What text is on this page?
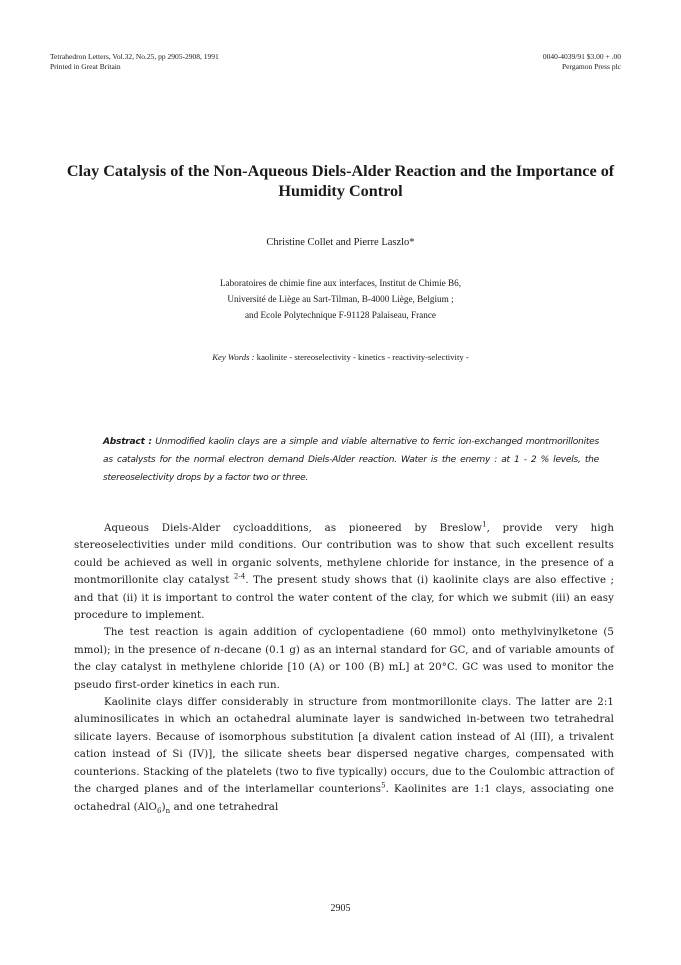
Tetrahedron Letters, Vol.32, No.25, pp 2905-2908, 1991
Printed in Great Britain
0040-4039/91 $3.00 + .00
Pergamon Press plc
Clay Catalysis of the Non-Aqueous Diels-Alder Reaction and the Importance of Humidity Control
Christine Collet and Pierre Laszlo*
Laboratoires de chimie fine aux interfaces, Institut de Chimie B6,
Université de Liège au Sart-Tilman, B-4000 Liège, Belgium ;
and Ecole Polytechnique F-91128 Palaiseau, France
Key Words : kaolinite - stereoselectivity - kinetics - reactivity-selectivity -
Abstract : Unmodified kaolin clays are a simple and viable alternative to ferric ion-exchanged montmorillonites as catalysts for the normal electron demand Diels-Alder reaction. Water is the enemy : at 1 - 2 % levels, the stereoselectivity drops by a factor two or three.

Aqueous Diels-Alder cycloadditions, as pioneered by Breslow$^1$, provide very high stereoselectivities under mild conditions. Our contribution was to show that such excellent results could be achieved as well in organic solvents, methylene chloride for instance, in the presence of a montmorillonite clay catalyst $^{2-4}$. The present study shows that (i) kaolinite clays are also effective ; and that (ii) it is important to control the water content of the clay, for which we submit (iii) an easy procedure to implement.

The test reaction is again addition of cyclopentadiene (60 mmol) onto methylvinylketone (5 mmol); in the presence of n-decane (0.1 g) as an internal standard for GC, and of variable amounts of the clay catalyst in methylene chloride [10 (A) or 100 (B) mL] at 20°C. GC was used to monitor the pseudo first-order kinetics in each run.

Kaolinite clays differ considerably in structure from montmorillonite clays. The latter are 2:1 aluminosilicates in which an octahedral aluminate layer is sandwiched in-between two tetrahedral silicate layers. Because of isomorphous substitution [a divalent cation instead of Al (III), a trivalent cation instead of Si (IV)], the silicate sheets bear dispersed negative charges, compensated with counterions. Stacking of the platelets (two to five typically) occurs, due to the Coulombic attraction of the charged planes and of the interlamellar counterions$^5$. Kaolinites are 1:1 clays, associating one octahedral $(AlO_6)_n$ and one tetrahedral

2905
